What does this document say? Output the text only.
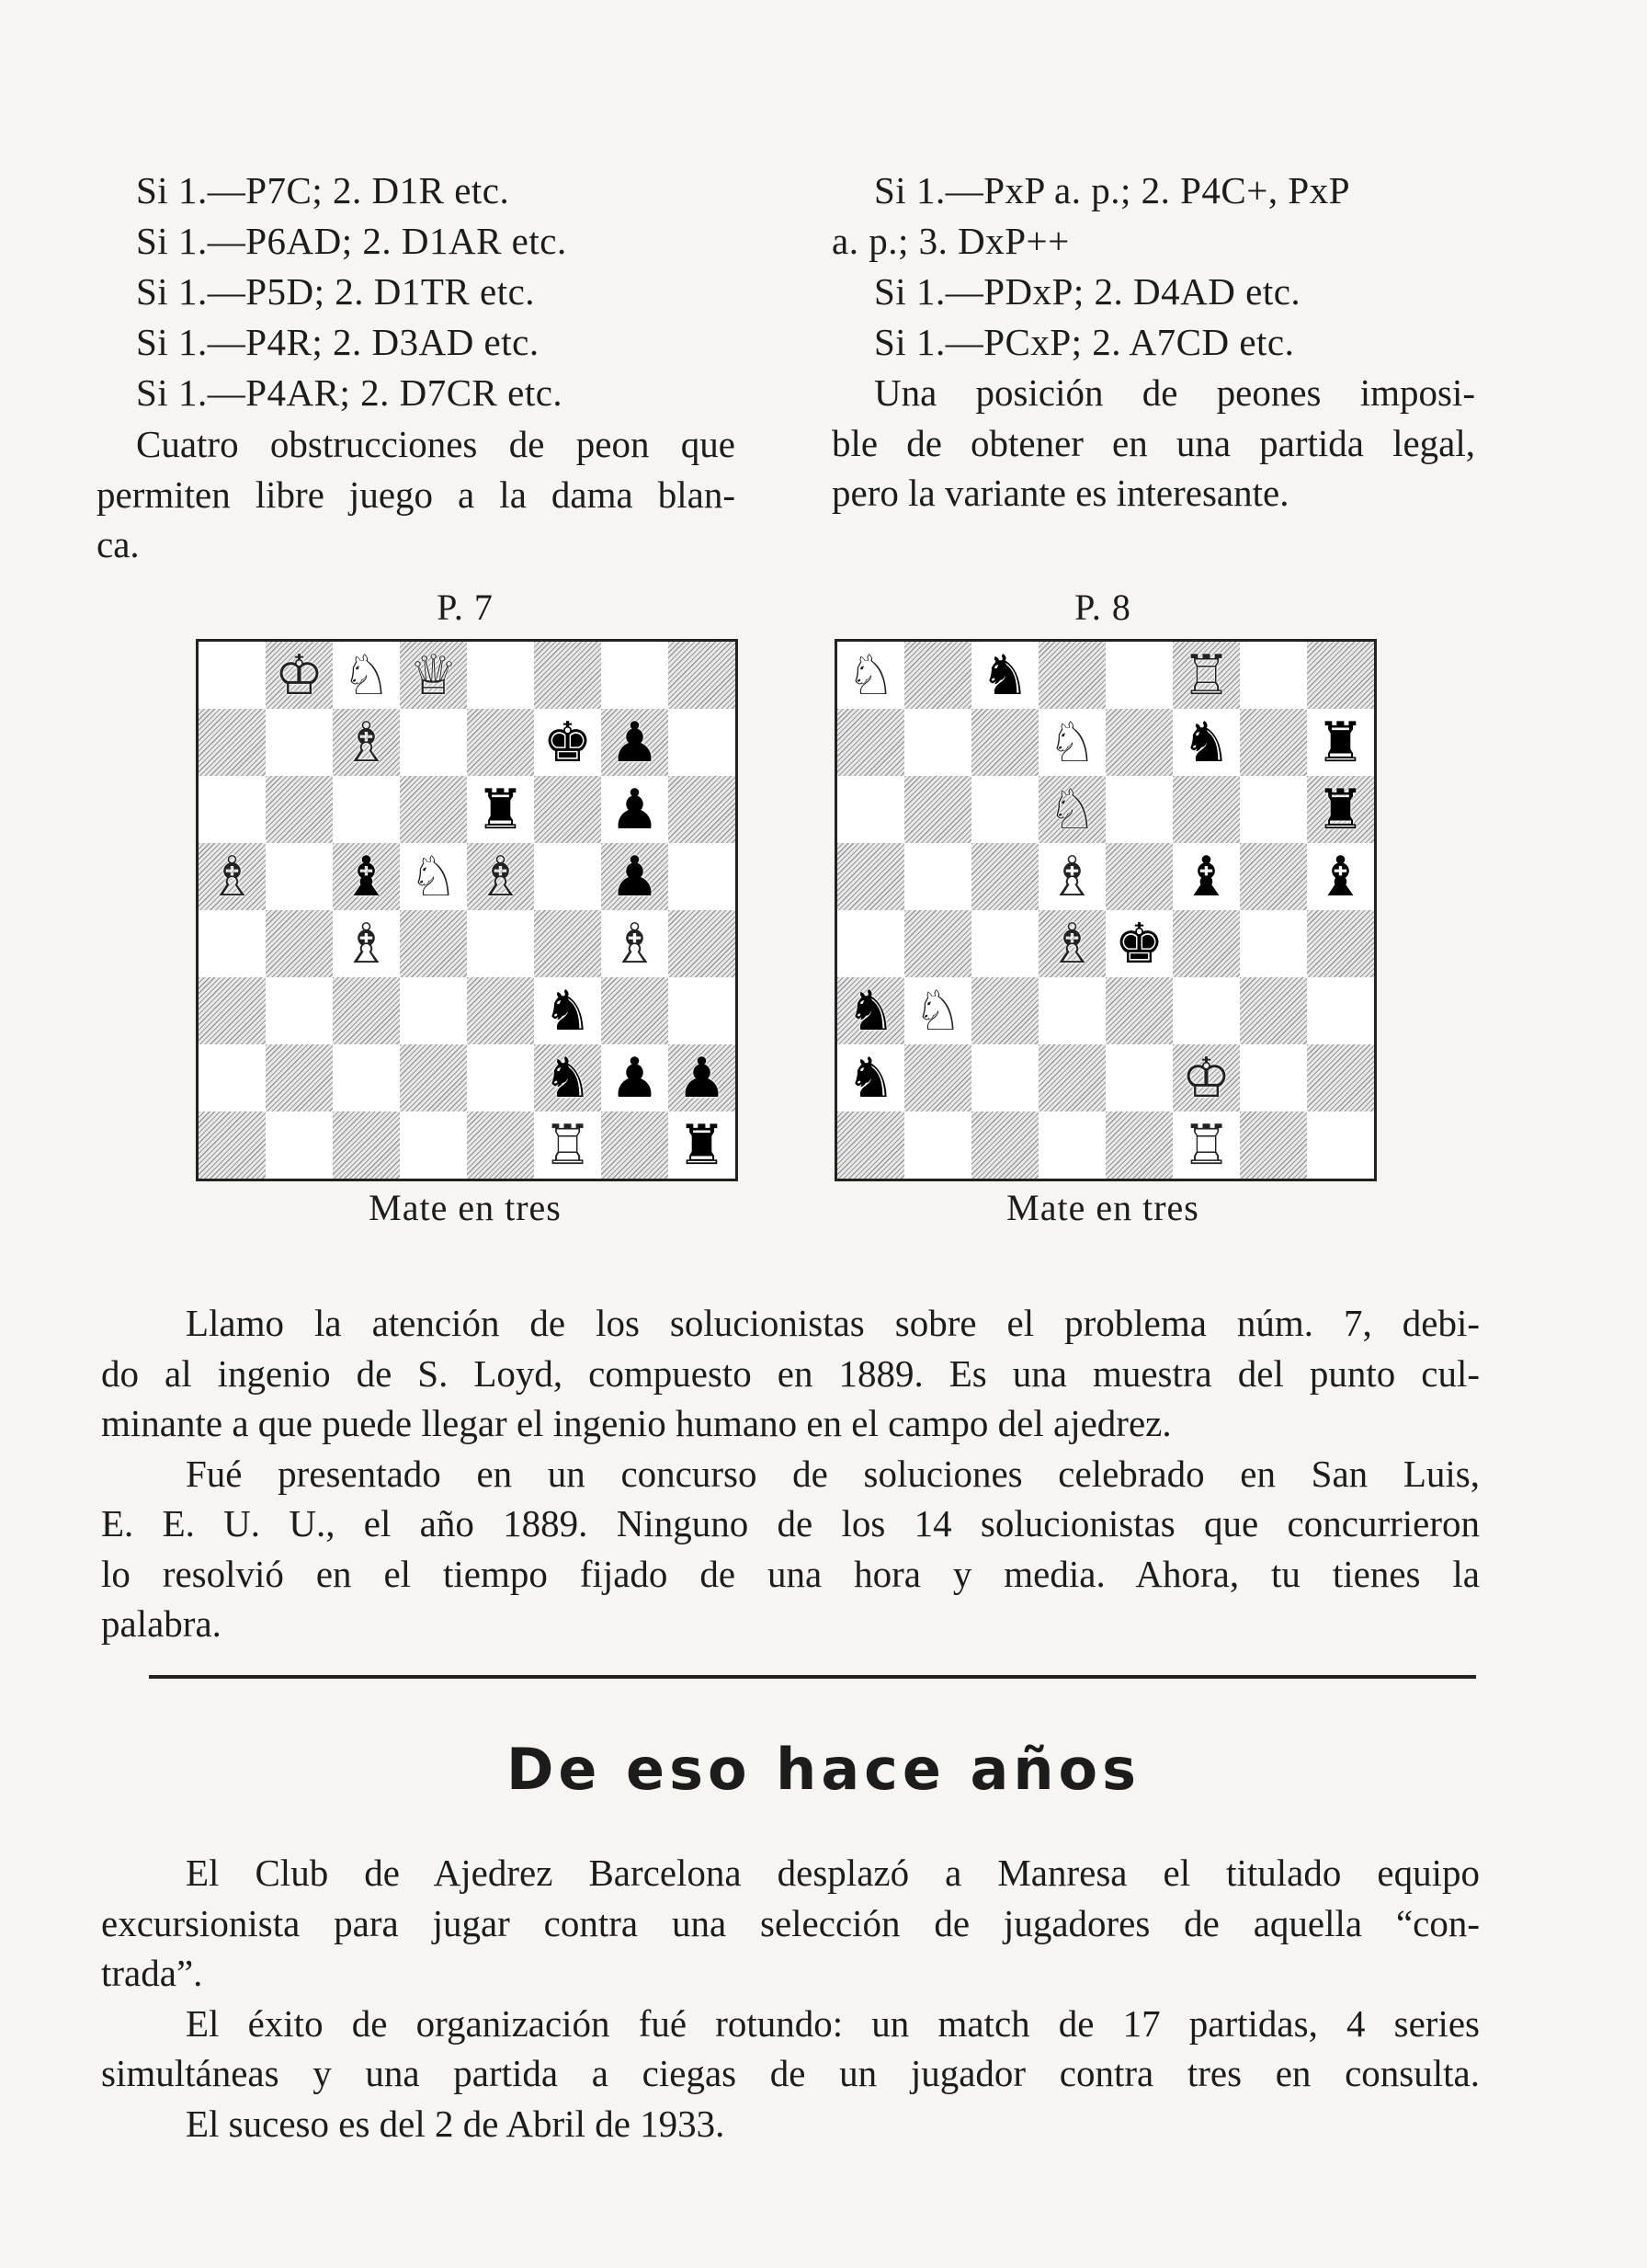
Si 1.—P7C; 2. D1R etc.
Si 1.—P6AD; 2. D1AR etc.
Si 1.—P5D; 2. D1TR etc.
Si 1.—P4R; 2. D3AD etc.
Si 1.—P4AR; 2. D7CR etc.
Cuatro obstrucciones de peon que
permiten libre juego a la dama blan-
ca.
Si 1.—PxP a. p.; 2. P4C+, PxP
a. p.; 3. DxP++
Si 1.—PDxP; 2. D4AD etc.
Si 1.—PCxP; 2. A7CD etc.
Una posición de peones imposi-
ble de obtener en una partida legal,
pero la variante es interesante.
P. 7	P. 8
♔ ♘ ♕
♗	♚ ♟
♜ ♟
♗ ♝ ♘ ♗ ♟
♗	♗
♞
♞ ♟ ♟
♖ ♜
♘ ♞	♖
♘ ♞ ♜
♘	♜
♗ ♝ ♝
♗ ♚
♞ ♘
♞	♔
♖
Mate en tres	Mate en tres
Llamo la atención de los solucionistas sobre el problema núm. 7, debi-
do al ingenio de S. Loyd, compuesto en 1889. Es una muestra del punto cul-
minante a que puede llegar el ingenio humano en el campo del ajedrez.
Fué presentado en un concurso de soluciones celebrado en San Luis,
E. E. U. U., el año 1889. Ninguno de los 14 solucionistas que concurrieron
lo resolvió en el tiempo fijado de una hora y media. Ahora, tu tienes la
palabra.
De eso hace años
El Club de Ajedrez Barcelona desplazó a Manresa el titulado equipo
excursionista para jugar contra una selección de jugadores de aquella “con-
trada”.
El éxito de organización fué rotundo: un match de 17 partidas, 4 series
simultáneas y una partida a ciegas de un jugador contra tres en consulta.
El suceso es del 2 de Abril de 1933.
